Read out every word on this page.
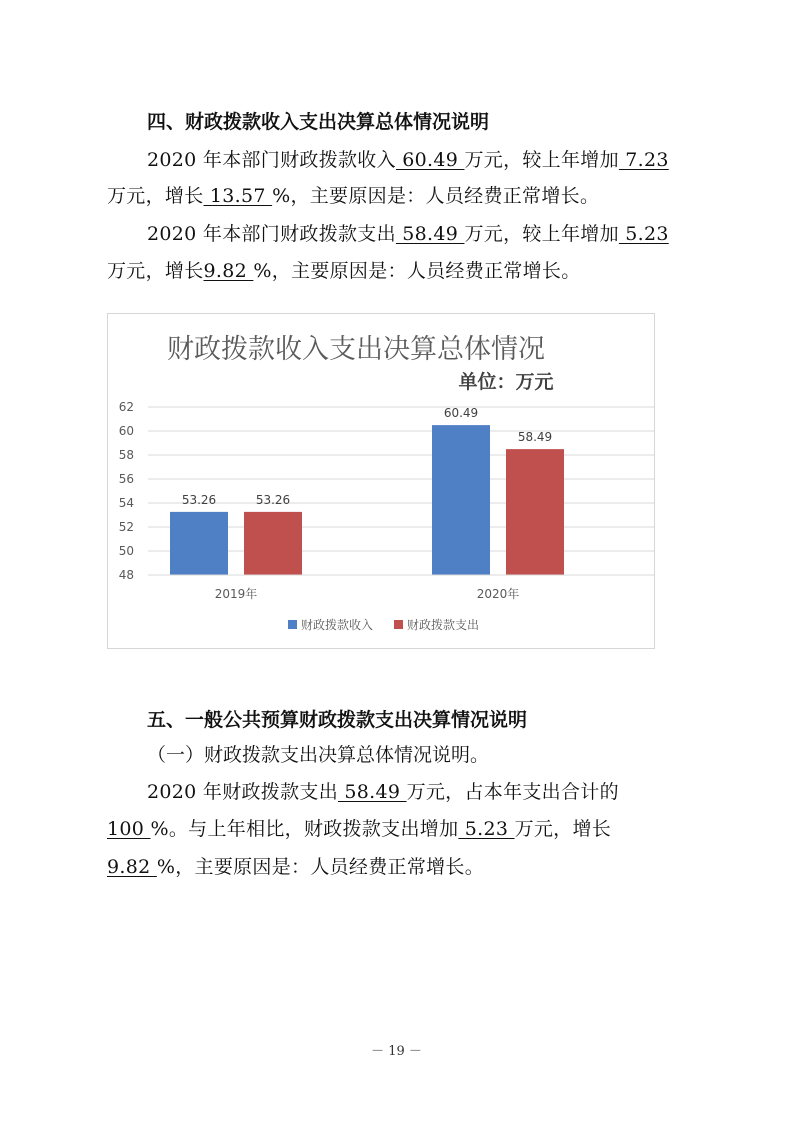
四、财政拨款收入支出决算总体情况说明
2020 年本部门财政拨款收入 60.49 万元，较上年增加 7.23
万元，增长 13.57 %，主要原因是：人员经费正常增长。
2020 年本部门财政拨款支出 58.49 万元，较上年增加 5.23
万元，增长9.82 %，主要原因是：人员经费正常增长。
财政拨款收入支出决算总体情况
单位：万元
48
50
52
54
56
58
60
62
53.26	53.26
60.49
58.49
2019年	2020年
财政拨款收入	财政拨款支出
五、一般公共预算财政拨款支出决算情况说明
（一）财政拨款支出决算总体情况说明。
2020 年财政拨款支出 58.49 万元，占本年支出合计的
100 %。与上年相比，财政拨款支出增加 5.23 万元，增长
9.82 %，主要原因是：人员经费正常增长。
－ 19 －
